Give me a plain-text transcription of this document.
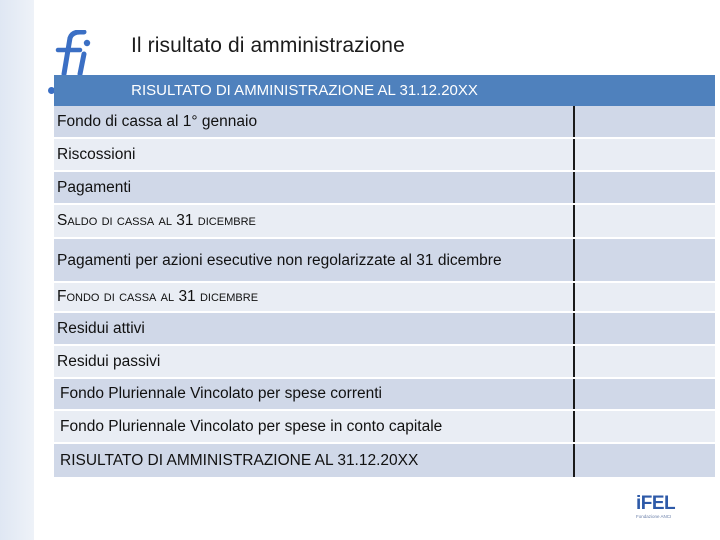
Il risultato di amministrazione
RISULTATO DI AMMINISTRAZIONE AL 31.12.20XX
Fondo di cassa al 1° gennaio
Riscossioni
Pagamenti
Saldo di cassa al 31 dicembre
Pagamenti per azioni esecutive non regolarizzate al 31 dicembre
Fondo di cassa al 31 dicembre
Residui attivi
Residui passivi
Fondo Pluriennale Vincolato per spese correnti
Fondo Pluriennale Vincolato per spese in conto capitale
RISULTATO DI AMMINISTRAZIONE AL 31.12.20XX
iFEL
Fondazione ANCI
